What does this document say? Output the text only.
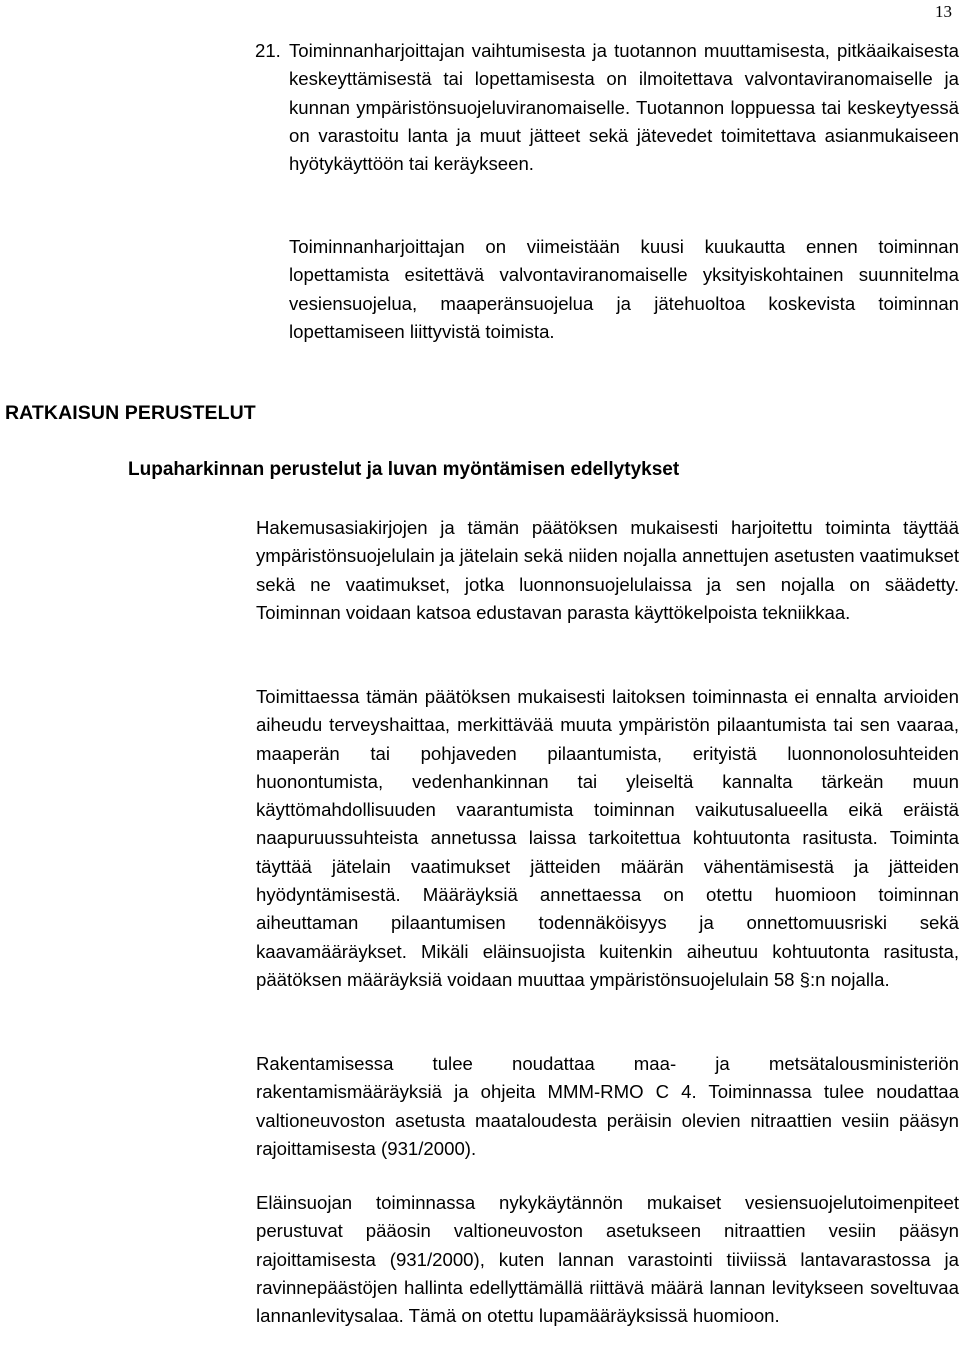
13
21. Toiminnanharjoittajan vaihtumisesta ja tuotannon muuttamisesta, pitkäaikaisesta keskeyttämisestä tai lopettamisesta on ilmoitettava valvontaviranomaiselle ja kunnan ympäristönsuojeluviranomaiselle. Tuotannon loppuessa tai keskeytyessä on varastoitu lanta ja muut jätteet sekä jätevedet toimitettava asianmukaiseen hyötykäyttöön tai keräykseen.

Toiminnanharjoittajan on viimeistään kuusi kuukautta ennen toiminnan lopettamista esitettävä valvontaviranomaiselle yksityiskohtainen suunnitelma vesiensuojelua, maaperänsuojelua ja jätehuoltoa koskevista toiminnan lopettamiseen liittyvistä toimista.

RATKAISUN PERUSTELUT
Lupaharkinnan perustelut ja luvan myöntämisen edellytykset

Hakemusasiakirjojen ja tämän päätöksen mukaisesti harjoitettu toiminta täyttää ympäristönsuojelulain ja jätelain sekä niiden nojalla annettujen asetusten vaatimukset sekä ne vaatimukset, jotka luonnonsuojelulaissa ja sen nojalla on säädetty. Toiminnan voidaan katsoa edustavan parasta käyttökelpoista tekniikkaa.

Toimittaessa tämän päätöksen mukaisesti laitoksen toiminnasta ei ennalta arvioiden aiheudu terveyshaittaa, merkittävää muuta ympäristön pilaantumista tai sen vaaraa, maaperän tai pohjaveden pilaantumista, erityistä luonnonolosuhteiden huonontumista, vedenhankinnan tai yleiseltä kannalta tärkeän muun käyttömahdollisuuden vaarantumista toiminnan vaikutusalueella eikä eräistä naapuruussuhteista annetussa laissa tarkoitettua kohtuutonta rasitusta. Toiminta täyttää jätelain vaatimukset jätteiden määrän vähentämisestä ja jätteiden hyödyntämisestä. Määräyksiä annettaessa on otettu huomioon toiminnan aiheuttaman pilaantumisen todennäköisyys ja onnettomuusriski sekä kaavamääräykset. Mikäli eläinsuojista kuitenkin aiheutuu kohtuutonta rasitusta, päätöksen määräyksiä voidaan muuttaa ympäristönsuojelulain 58 §:n nojalla.

Rakentamisessa tulee noudattaa maa- ja metsätalousministeriön rakentamismääräyksiä ja ohjeita MMM-RMO C 4. Toiminnassa tulee noudattaa valtioneuvoston asetusta maataloudesta peräisin olevien nitraattien vesiin pääsyn rajoittamisesta (931/2000).

Eläinsuojan toiminnassa nykykäytännön mukaiset vesiensuojelutoimenpiteet perustuvat pääosin valtioneuvoston asetukseen nitraattien vesiin pääsyn rajoittamisesta (931/2000), kuten lannan varastointi tiiviissä lantavarastossa ja ravinnepäästöjen hallinta edellyttämällä riittävä määrä lannan levitykseen soveltuvaa lannanlevitysalaa. Tämä on otettu lupamääräyksissä huomioon.
